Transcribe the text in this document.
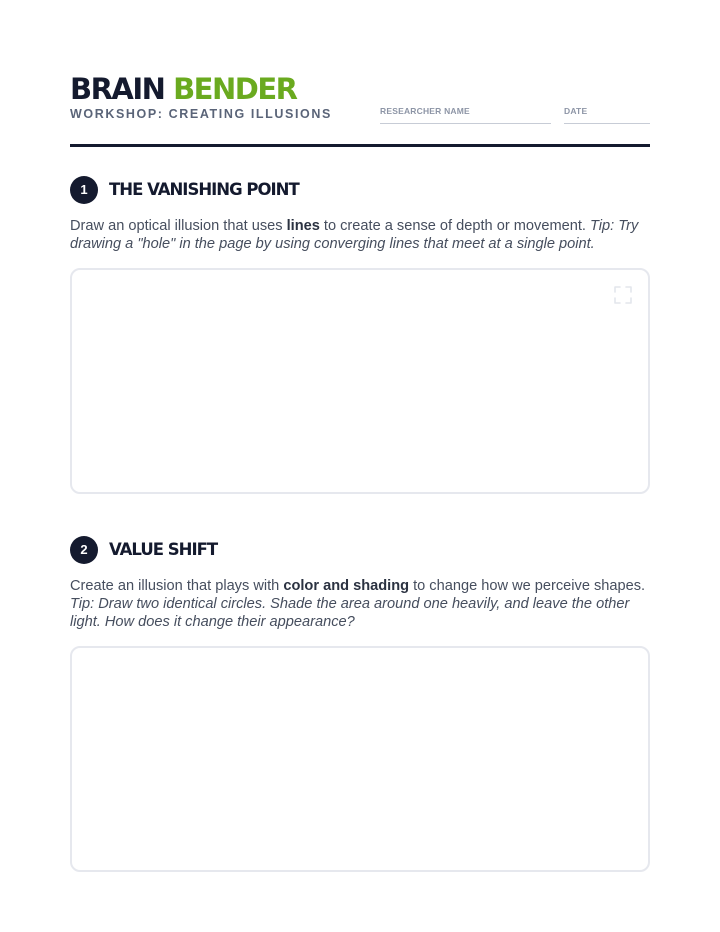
BRAIN BENDER
WORKSHOP: CREATING ILLUSIONS	RESEARCHER NAME	DATE
1	THE VANISHING POINT
Draw an optical illusion that uses lines to create a sense of depth or movement. Tip: Try drawing a "hole" in the page by using converging lines that meet at a single point.
2	VALUE SHIFT
Create an illusion that plays with color and shading to change how we perceive shapes. Tip: Draw two identical circles. Shade the area around one heavily, and leave the other light. How does it change their appearance?
